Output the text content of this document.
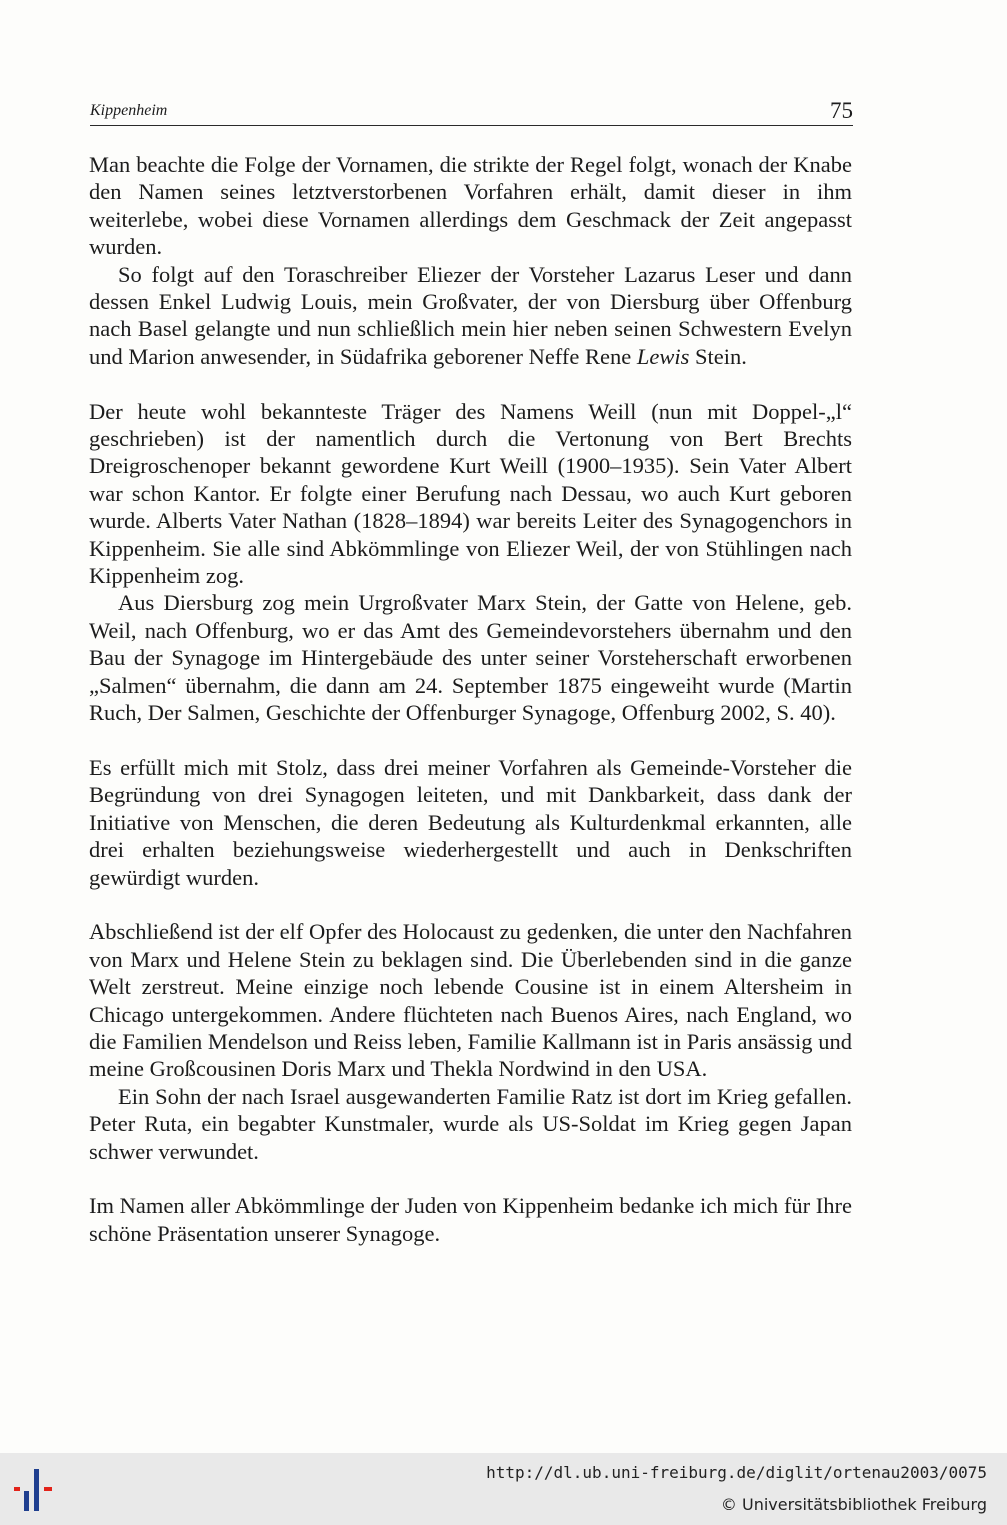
Kippenheim	75

Man beachte die Folge der Vornamen, die strikte der Regel folgt, wonach der Knabe den Namen seines letztverstorbenen Vorfahren erhält, damit dieser in ihm weiterlebe, wobei diese Vornamen allerdings dem Geschmack der Zeit angepasst wurden.

So folgt auf den Toraschreiber Eliezer der Vorsteher Lazarus Leser und dann dessen Enkel Ludwig Louis, mein Großvater, der von Diersburg über Offenburg nach Basel gelangte und nun schließlich mein hier neben seinen Schwestern Evelyn und Marion anwesender, in Südafrika geborener Neffe Rene Lewis Stein.

Der heute wohl bekannteste Träger des Namens Weill (nun mit Doppel-„l“ geschrieben) ist der namentlich durch die Vertonung von Bert Brechts Dreigroschenoper bekannt gewordene Kurt Weill (1900–1935). Sein Vater Albert war schon Kantor. Er folgte einer Berufung nach Dessau, wo auch Kurt geboren wurde. Alberts Vater Nathan (1828–1894) war bereits Leiter des Synagogenchors in Kippenheim. Sie alle sind Abkömmlinge von Eliezer Weil, der von Stühlingen nach Kippenheim zog.

Aus Diersburg zog mein Urgroßvater Marx Stein, der Gatte von Helene, geb. Weil, nach Offenburg, wo er das Amt des Gemeindevorstehers übernahm und den Bau der Synagoge im Hintergebäude des unter seiner Vorsteherschaft erworbenen „Salmen“ übernahm, die dann am 24. September 1875 eingeweiht wurde (Martin Ruch, Der Salmen, Geschichte der Offenburger Synagoge, Offenburg 2002, S. 40).

Es erfüllt mich mit Stolz, dass drei meiner Vorfahren als Gemeinde-Vorsteher die Begründung von drei Synagogen leiteten, und mit Dankbarkeit, dass dank der Initiative von Menschen, die deren Bedeutung als Kulturdenkmal erkannten, alle drei erhalten beziehungsweise wiederhergestellt und auch in Denkschriften gewürdigt wurden.

Abschließend ist der elf Opfer des Holocaust zu gedenken, die unter den Nachfahren von Marx und Helene Stein zu beklagen sind. Die Überlebenden sind in die ganze Welt zerstreut. Meine einzige noch lebende Cousine ist in einem Altersheim in Chicago untergekommen. Andere flüchteten nach Buenos Aires, nach England, wo die Familien Mendelson und Reiss leben, Familie Kallmann ist in Paris ansässig und meine Großcousinen Doris Marx und Thekla Nordwind in den USA.

Ein Sohn der nach Israel ausgewanderten Familie Ratz ist dort im Krieg gefallen. Peter Ruta, ein begabter Kunstmaler, wurde als US-Soldat im Krieg gegen Japan schwer verwundet.

Im Namen aller Abkömmlinge der Juden von Kippenheim bedanke ich mich für Ihre schöne Präsentation unserer Synagoge.

http://dl.ub.uni-freiburg.de/diglit/ortenau2003/0075
© Universitätsbibliothek Freiburg
